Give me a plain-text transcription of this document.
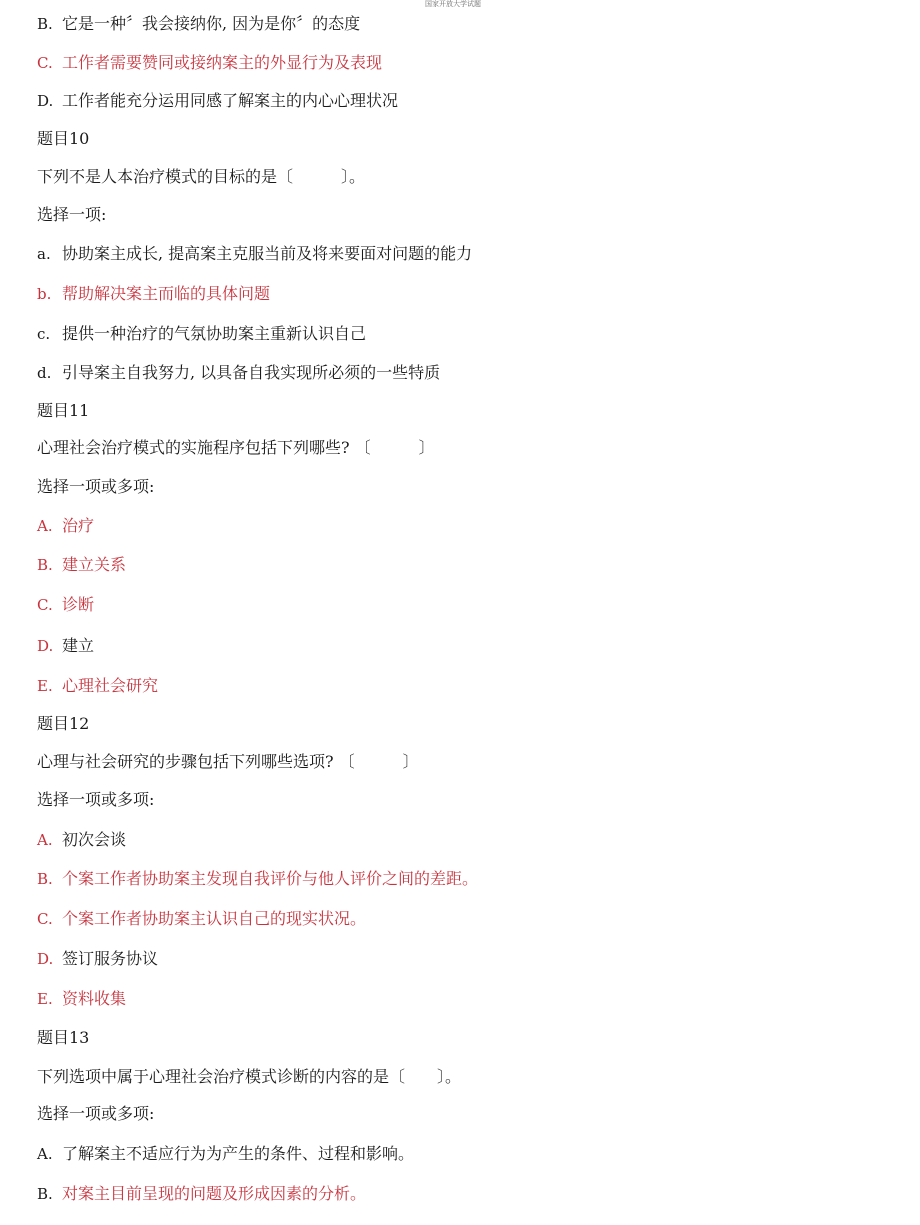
国家开放大学试题
B. 它是一种〞我会接纳你, 因为是你〞的态度
C. 工作者需要赞同或接纳案主的外显行为及表现
D. 工作者能充分运用同感了解案主的内心心理状况
题目10
下列不是人本治疗模式的目标的是〔　　　〕。
选择一项:
a. 协助案主成长, 提高案主克服当前及将来要面对问题的能力
b. 帮助解决案主而临的具体问题
c. 提供一种治疗的气氛协助案主重新认识自己
d. 引导案主自我努力, 以具备自我实现所必须的一些特质
题目11
心理社会治疗模式的实施程序包括下列哪些? 〔　　　〕
选择一项或多项:
A. 治疗
B. 建立关系
C. 诊断
D. 建立
E. 心理社会研究
题目12
心理与社会研究的步骤包括下列哪些选项? 〔　　　〕
选择一项或多项:
A. 初次会谈
B. 个案工作者协助案主发现自我评价与他人评价之间的差距。
C. 个案工作者协助案主认识自己的现实状况。
D. 签订服务协议
E. 资料收集
题目13
下列选项中属于心理社会治疗模式诊断的内容的是〔　　〕。
选择一项或多项:
A. 了解案主不适应行为为产生的条件、过程和影响。
B. 对案主目前呈现的问题及形成因素的分析。
